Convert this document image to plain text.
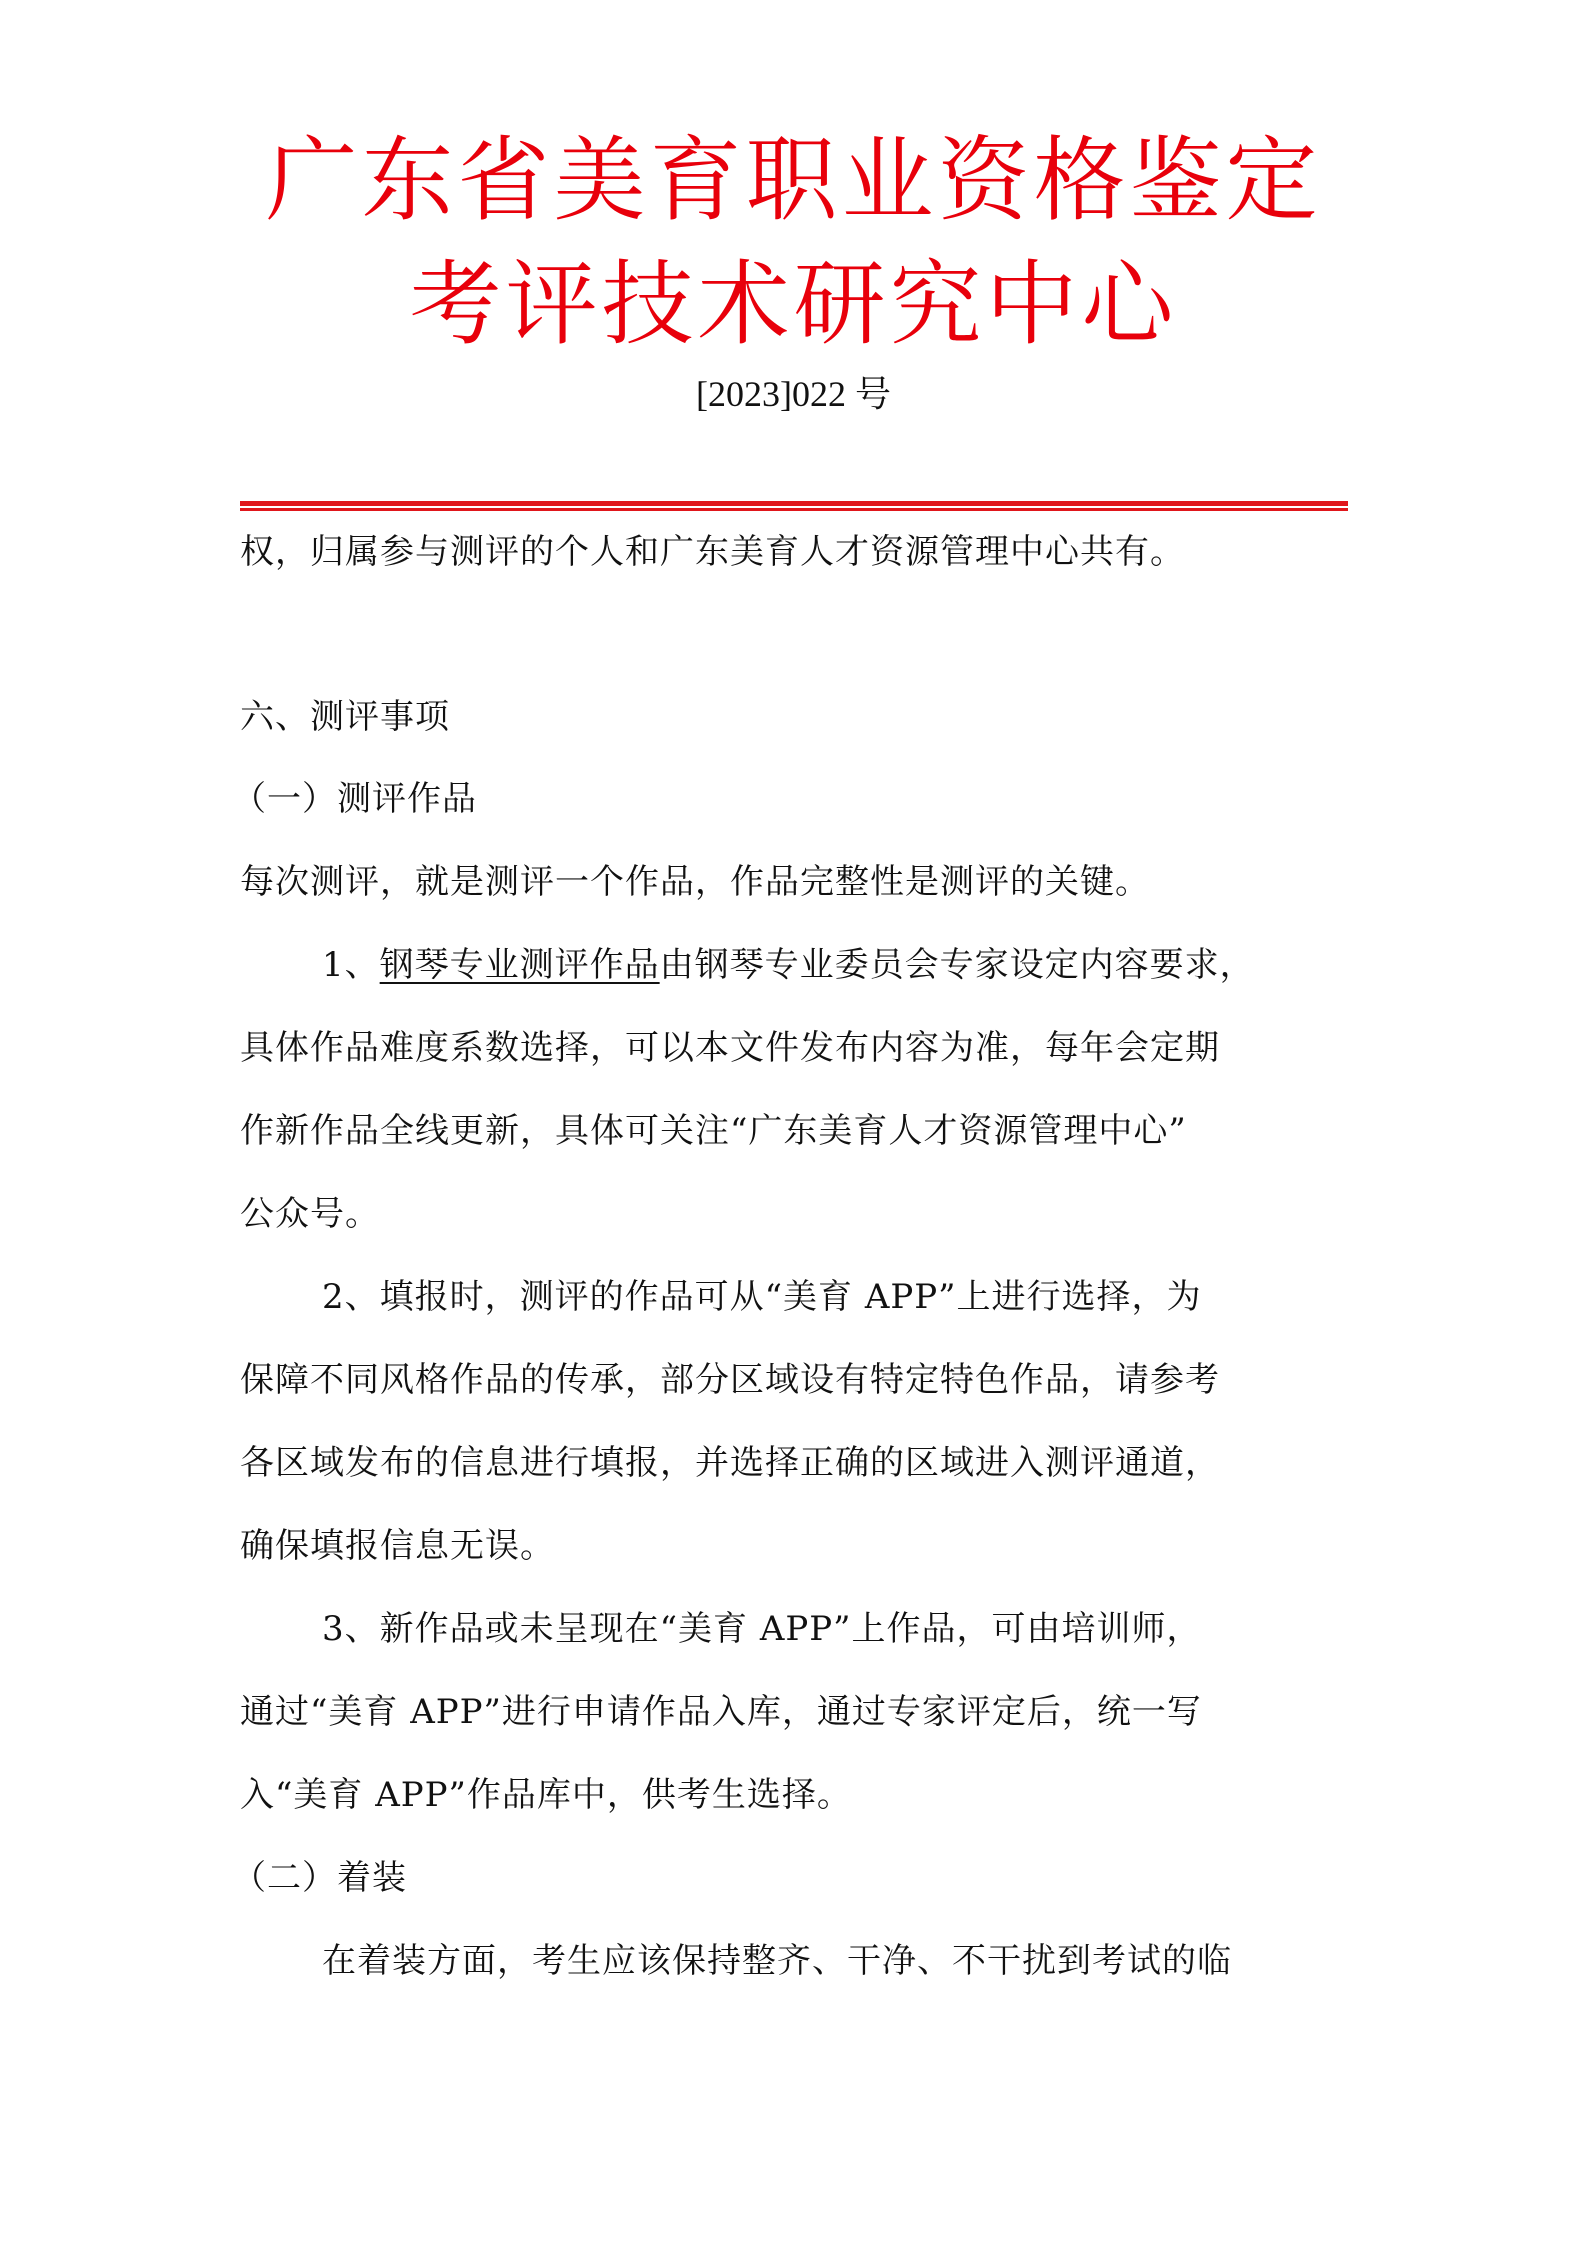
广东省美育职业资格鉴定
考评技术研究中心
[2023]022 号
权，归属参与测评的个人和广东美育人才资源管理中心共有。
六、测评事项
（一）测评作品
每次测评，就是测评一个作品，作品完整性是测评的关键。
1、钢琴专业测评作品由钢琴专业委员会专家设定内容要求，
具体作品难度系数选择，可以本文件发布内容为准，每年会定期
作新作品全线更新，具体可关注“广东美育人才资源管理中心”
公众号。
2、填报时，测评的作品可从“美育 APP”上进行选择，为
保障不同风格作品的传承，部分区域设有特定特色作品，请参考
各区域发布的信息进行填报，并选择正确的区域进入测评通道，
确保填报信息无误。
3、新作品或未呈现在“美育 APP”上作品，可由培训师，
通过“美育 APP”进行申请作品入库，通过专家评定后，统一写
入“美育 APP”作品库中，供考生选择。
（二）着装
在着装方面，考生应该保持整齐、干净、不干扰到考试的临
